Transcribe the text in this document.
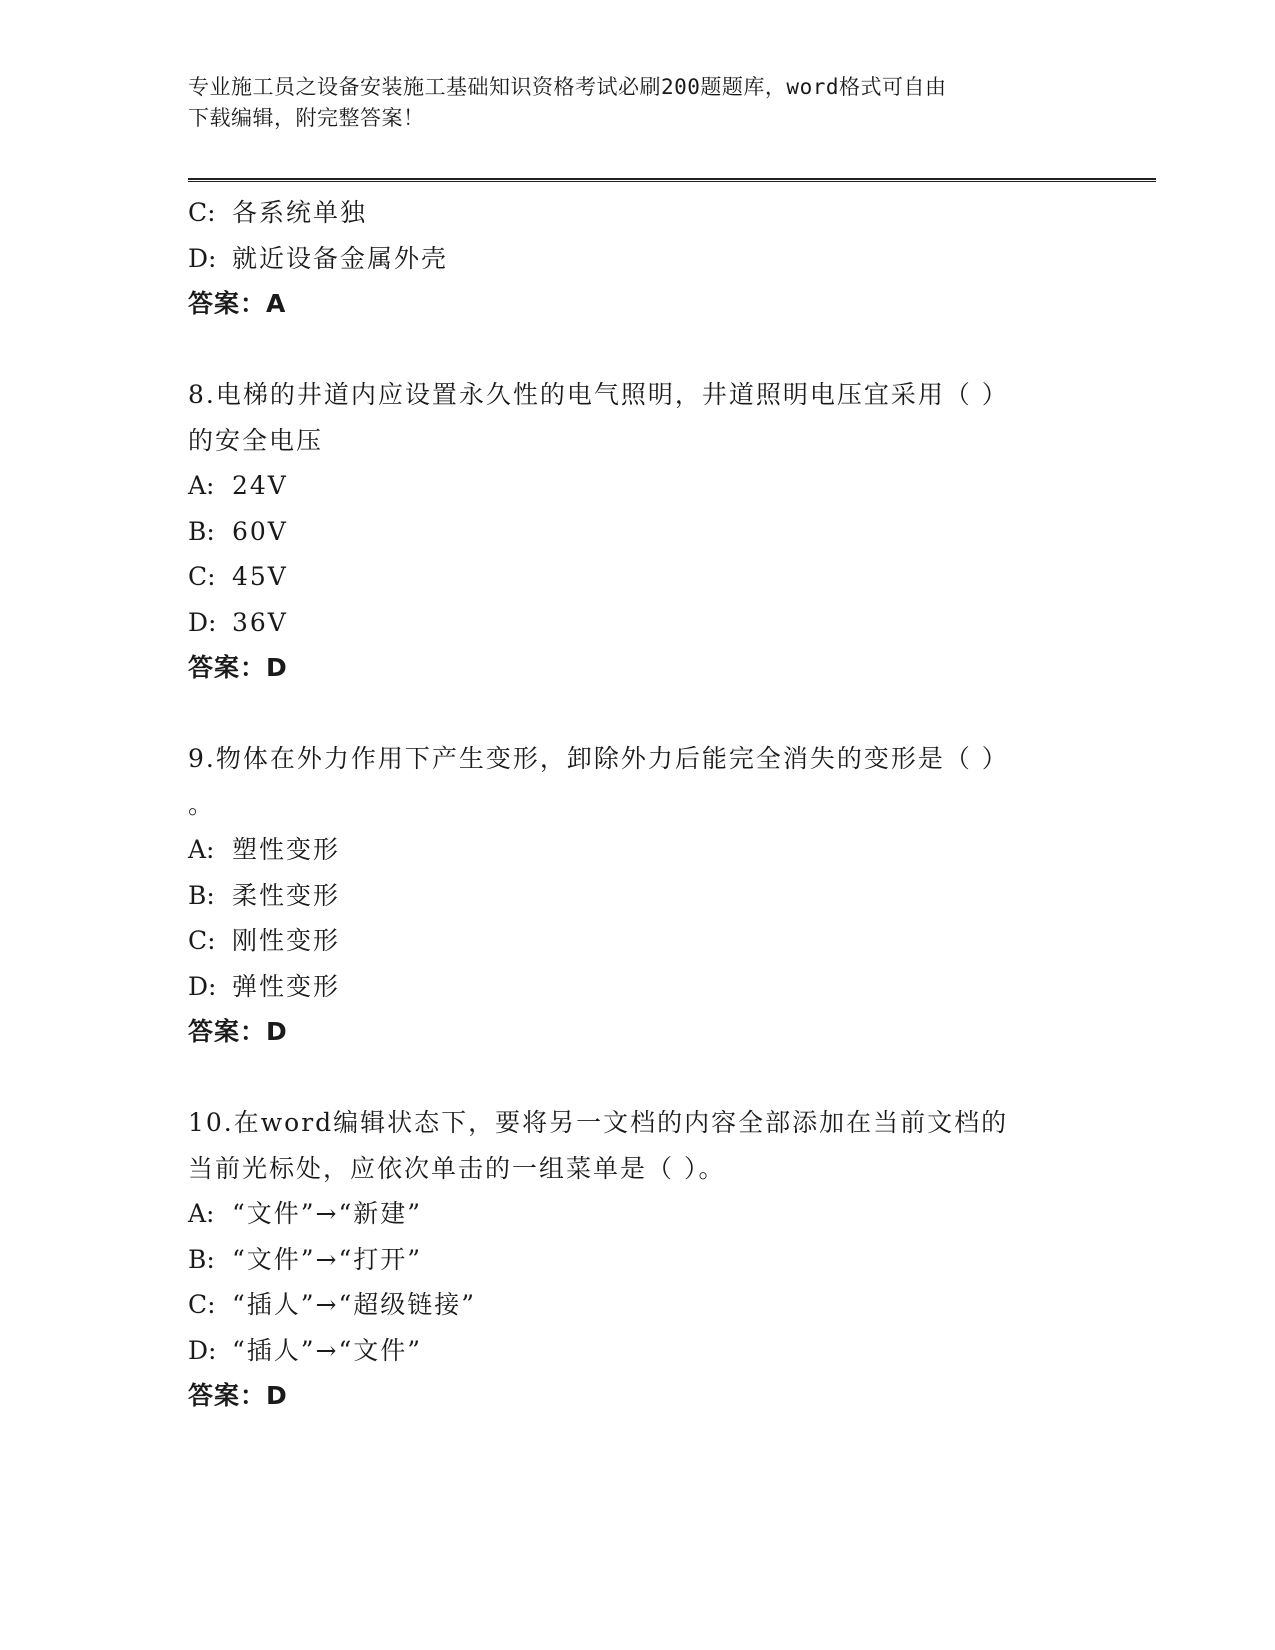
专业施工员之设备安装施工基础知识资格考试必刷200题题库，word格式可自由
下载编辑，附完整答案！
C: 各系统单独
D: 就近设备金属外壳
答案：A
8.电梯的井道内应设置永久性的电气照明，井道照明电压宜采用（ ）
的安全电压
A: 24V
B: 60V
C: 45V
D: 36V
答案：D
9.物体在外力作用下产生变形，卸除外力后能完全消失的变形是（ ）
。
A: 塑性变形
B: 柔性变形
C: 刚性变形
D: 弹性变形
答案：D
10.在word编辑状态下，要将另一文档的内容全部添加在当前文档的
当前光标处，应依次单击的一组菜单是（ ）。
A: “文件”→“新建”
B: “文件”→“打开”
C: “插人”→“超级链接”
D: “插人”→“文件”
答案：D
